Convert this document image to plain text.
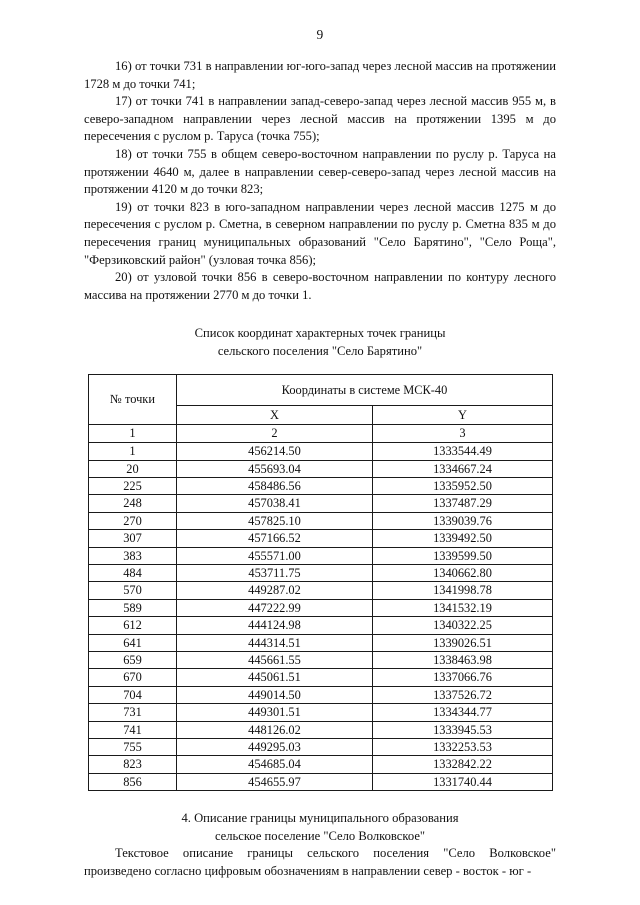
9

16) от точки 731 в направлении юг-юго-запад через лесной массив на протяжении 1728 м до точки 741;

17) от точки 741 в направлении запад-северо-запад через лесной массив 955 м, в северо-западном направлении через лесной массив на протяжении 1395 м до пересечения с руслом р. Таруса (точка 755);

18) от точки 755 в общем северо-восточном направлении по руслу р. Таруса на протяжении 4640 м, далее в направлении север-северо-запад через лесной массив на протяжении 4120 м до точки 823;

19) от точки 823 в юго-западном направлении через лесной массив 1275 м до пересечения с руслом р. Сметна, в северном направлении по руслу р. Сметна 835 м до пересечения границ муниципальных образований "Село Барятино", "Село Роща", "Ферзиковский район" (узловая точка 856);

20) от узловой точки 856 в северо-восточном направлении по контуру лесного массива на протяжении 2770 м до точки 1.

Список координат характерных точек границы
сельского поселения "Село Барятино"
№ точки	Координаты в системе МСК-40	
	X	Y
1	2	3
1	456214.50	1333544.49
20	455693.04	1334667.24
225	458486.56	1335952.50
248	457038.41	1337487.29
270	457825.10	1339039.76
307	457166.52	1339492.50
383	455571.00	1339599.50
484	453711.75	1340662.80
570	449287.02	1341998.78
589	447222.99	1341532.19
612	444124.98	1340322.25
641	444314.51	1339026.51
659	445661.55	1338463.98
670	445061.51	1337066.76
704	449014.50	1337526.72
731	449301.51	1334344.77
741	448126.02	1333945.53
755	449295.03	1332253.53
823	454685.04	1332842.22
856	454655.97	1331740.44
4. Описание границы муниципального образования
сельское поселение "Село Волковское"

Текстовое описание границы сельского поселения "Село Волковское" произведено согласно цифровым обозначениям в направлении север - восток - юг -
